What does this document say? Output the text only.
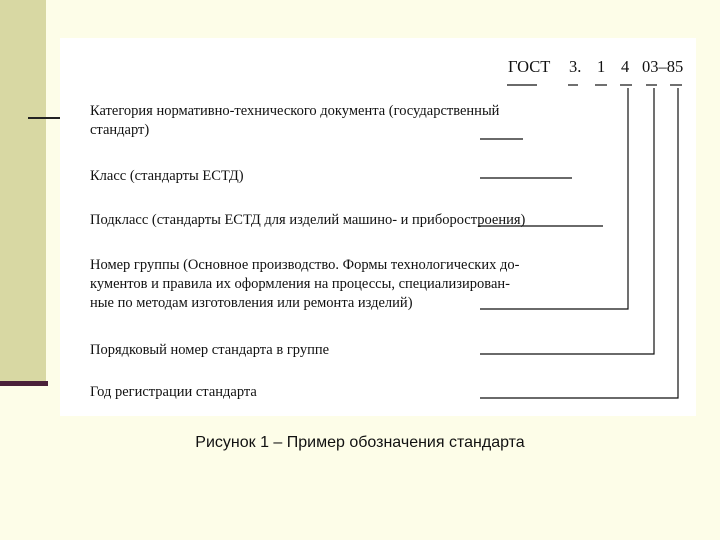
ГОСТ 3. 1 4 03–85
Категория нормативно-технического документа (государственный
стандарт)
Класс (стандарты ЕСТД)
Подкласс (стандарты ЕСТД для изделий машино- и приборостроения)
Номер группы (Основное производство. Формы технологических до-
кументов и правила их оформления на процессы, специализирован-
ные по методам изготовления или ремонта изделий)
Порядковый номер стандарта в группе
Год регистрации стандарта
Рисунок 1 – Пример обозначения стандарта
